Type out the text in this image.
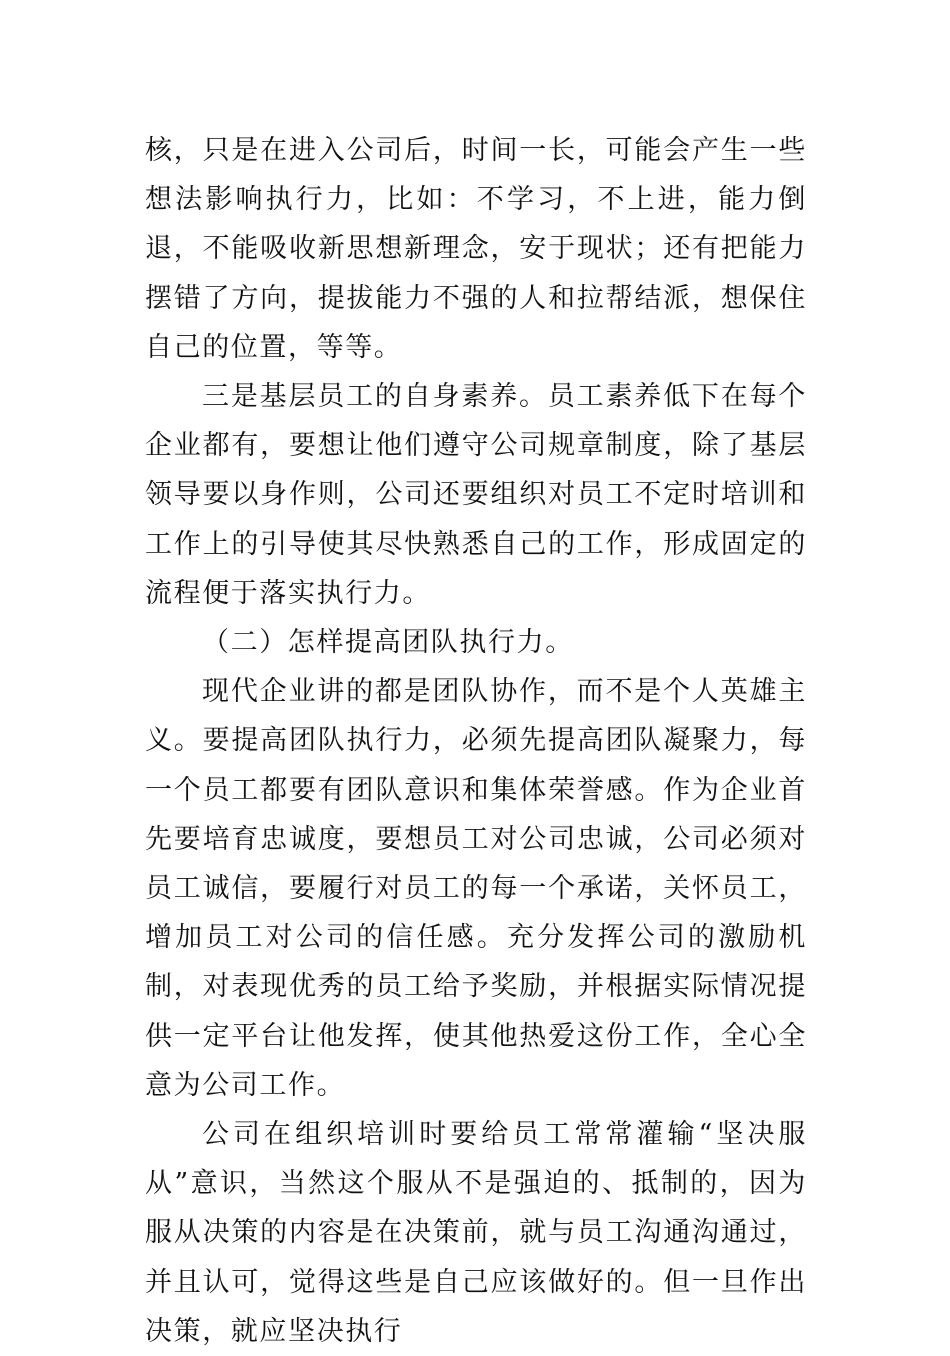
核，只是在进入公司后，时间一长，可能会产生一些想法影响执行力，比如：不学习，不上进，能力倒退，不能吸收新思想新理念，安于现状；还有把能力摆错了方向，提拔能力不强的人和拉帮结派，想保住自己的位置，等等。

三是基层员工的自身素养。员工素养低下在每个企业都有，要想让他们遵守公司规章制度，除了基层领导要以身作则，公司还要组织对员工不定时培训和工作上的引导使其尽快熟悉自己的工作，形成固定的流程便于落实执行力。

（二）怎样提高团队执行力。

现代企业讲的都是团队协作，而不是个人英雄主义。要提高团队执行力，必须先提高团队凝聚力，每一个员工都要有团队意识和集体荣誉感。作为企业首先要培育忠诚度，要想员工对公司忠诚，公司必须对员工诚信，要履行对员工的每一个承诺，关怀员工，增加员工对公司的信任感。充分发挥公司的激励机制，对表现优秀的员工给予奖励，并根据实际情况提供一定平台让他发挥，使其他热爱这份工作，全心全意为公司工作。

公司在组织培训时要给员工常常灌输“坚决服从”意识，当然这个服从不是强迫的、抵制的，因为服从决策的内容是在决策前，就与员工沟通沟通过，并且认可，觉得这些是自己应该做好的。但一旦作出决策，就应坚决执行
